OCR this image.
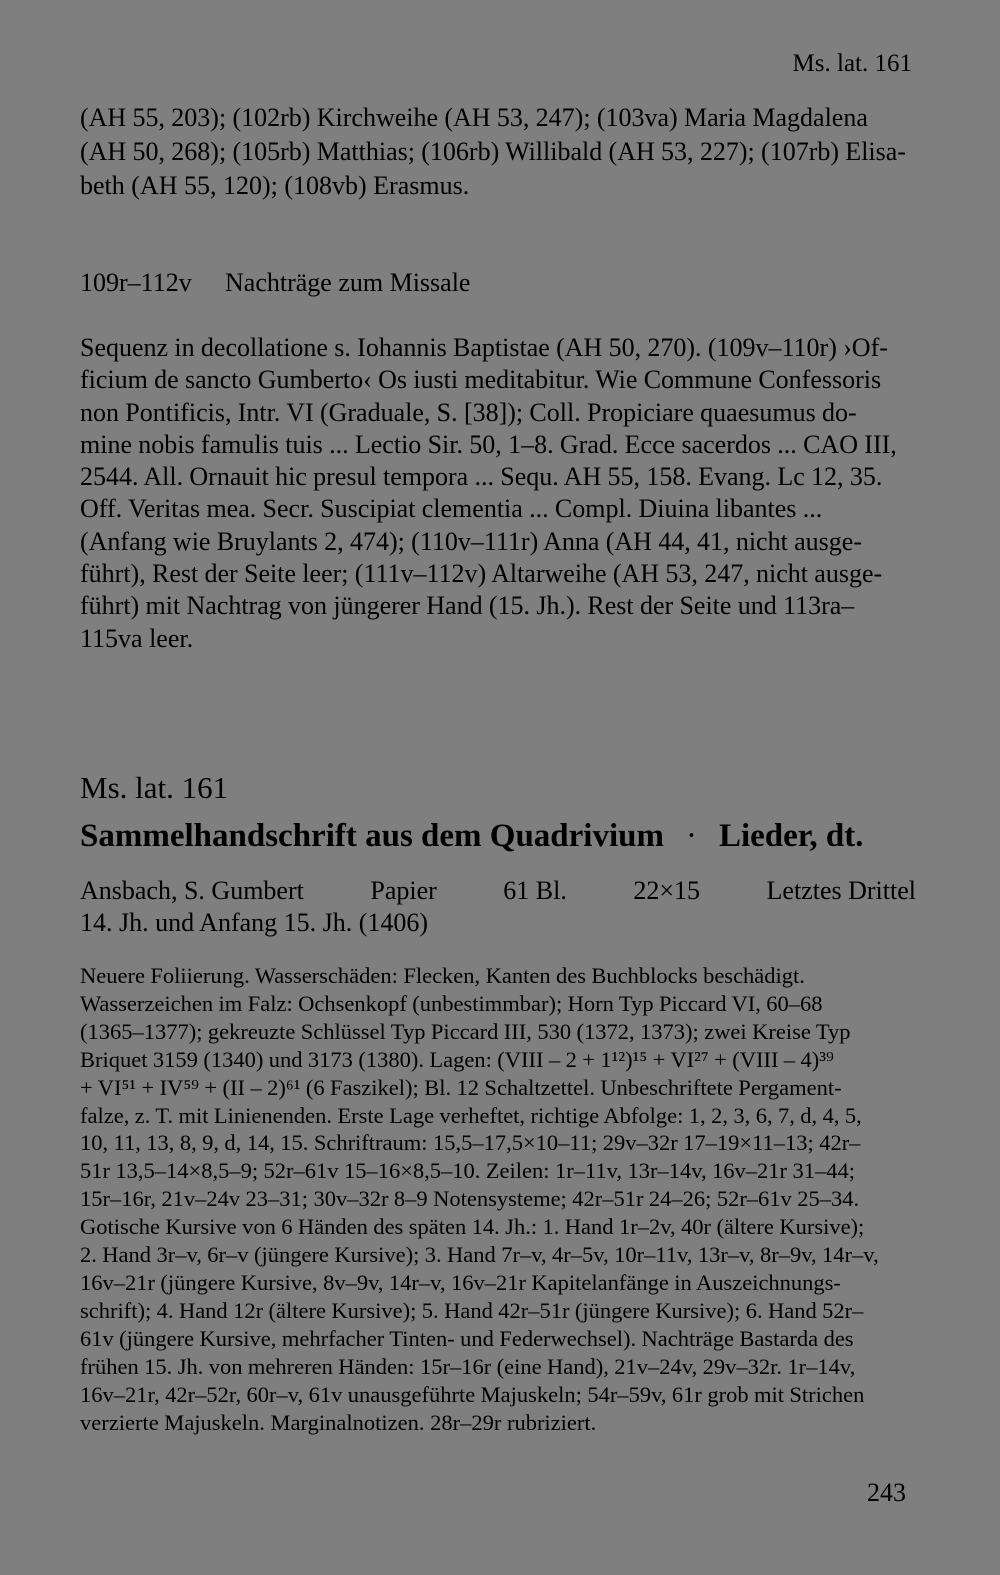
Ms. lat. 161
(AH 55, 203); (102rb) Kirchweihe (AH 53, 247); (103va) Maria Magdalena
(AH 50, 268); (105rb) Matthias; (106rb) Willibald (AH 53, 227); (107rb) Elisa-
beth (AH 55, 120); (108vb) Erasmus.
109r–112v Nachträge zum Missale
Sequenz in decollatione s. Iohannis Baptistae (AH 50, 270). (109v–110r) ›Of-
ficium de sancto Gumberto‹ Os iusti meditabitur. Wie Commune Confessoris
non Pontificis, Intr. VI (Graduale, S. [38]); Coll. Propiciare quaesumus do-
mine nobis famulis tuis ... Lectio Sir. 50, 1–8. Grad. Ecce sacerdos ... CAO III,
2544. All. Ornauit hic presul tempora ... Sequ. AH 55, 158. Evang. Lc 12, 35.
Off. Veritas mea. Secr. Suscipiat clementia ... Compl. Diuina libantes ...
(Anfang wie Bruylants 2, 474); (110v–111r) Anna (AH 44, 41, nicht ausge-
führt), Rest der Seite leer; (111v–112v) Altarweihe (AH 53, 247, nicht ausge-
führt) mit Nachtrag von jüngerer Hand (15. Jh.). Rest der Seite und 113ra–
115va leer.
Ms. lat. 161
Sammelhandschrift aus dem Quadrivium · Lieder, dt.
Ansbach, S. Gumbert	Papier	61 Bl.	22×15	Letztes Drittel
14. Jh. und Anfang 15. Jh. (1406)
Neuere Foliierung. Wasserschäden: Flecken, Kanten des Buchblocks beschädigt.
Wasserzeichen im Falz: Ochsenkopf (unbestimmbar); Horn Typ Piccard VI, 60–68
(1365–1377); gekreuzte Schlüssel Typ Piccard III, 530 (1372, 1373); zwei Kreise Typ
Briquet 3159 (1340) und 3173 (1380). Lagen: (VIII – 2 + 1¹²)¹⁵ + VI²⁷ + (VIII – 4)³⁹
+ VI⁵¹ + IV⁵⁹ + (II – 2)⁶¹ (6 Faszikel); Bl. 12 Schaltzettel. Unbeschriftete Pergament-
falze, z. T. mit Linienenden. Erste Lage verheftet, richtige Abfolge: 1, 2, 3, 6, 7, d, 4, 5,
10, 11, 13, 8, 9, d, 14, 15. Schriftraum: 15,5–17,5×10–11; 29v–32r 17–19×11–13; 42r–
51r 13,5–14×8,5–9; 52r–61v 15–16×8,5–10. Zeilen: 1r–11v, 13r–14v, 16v–21r 31–44;
15r–16r, 21v–24v 23–31; 30v–32r 8–9 Notensysteme; 42r–51r 24–26; 52r–61v 25–34.
Gotische Kursive von 6 Händen des späten 14. Jh.: 1. Hand 1r–2v, 40r (ältere Kursive);
2. Hand 3r–v, 6r–v (jüngere Kursive); 3. Hand 7r–v, 4r–5v, 10r–11v, 13r–v, 8r–9v, 14r–v,
16v–21r (jüngere Kursive, 8v–9v, 14r–v, 16v–21r Kapitelanfänge in Auszeichnungs-
schrift); 4. Hand 12r (ältere Kursive); 5. Hand 42r–51r (jüngere Kursive); 6. Hand 52r–
61v (jüngere Kursive, mehrfacher Tinten- und Federwechsel). Nachträge Bastarda des
frühen 15. Jh. von mehreren Händen: 15r–16r (eine Hand), 21v–24v, 29v–32r. 1r–14v,
16v–21r, 42r–52r, 60r–v, 61v unausgeführte Majuskeln; 54r–59v, 61r grob mit Strichen
verzierte Majuskeln. Marginalnotizen. 28r–29r rubriziert.
243
